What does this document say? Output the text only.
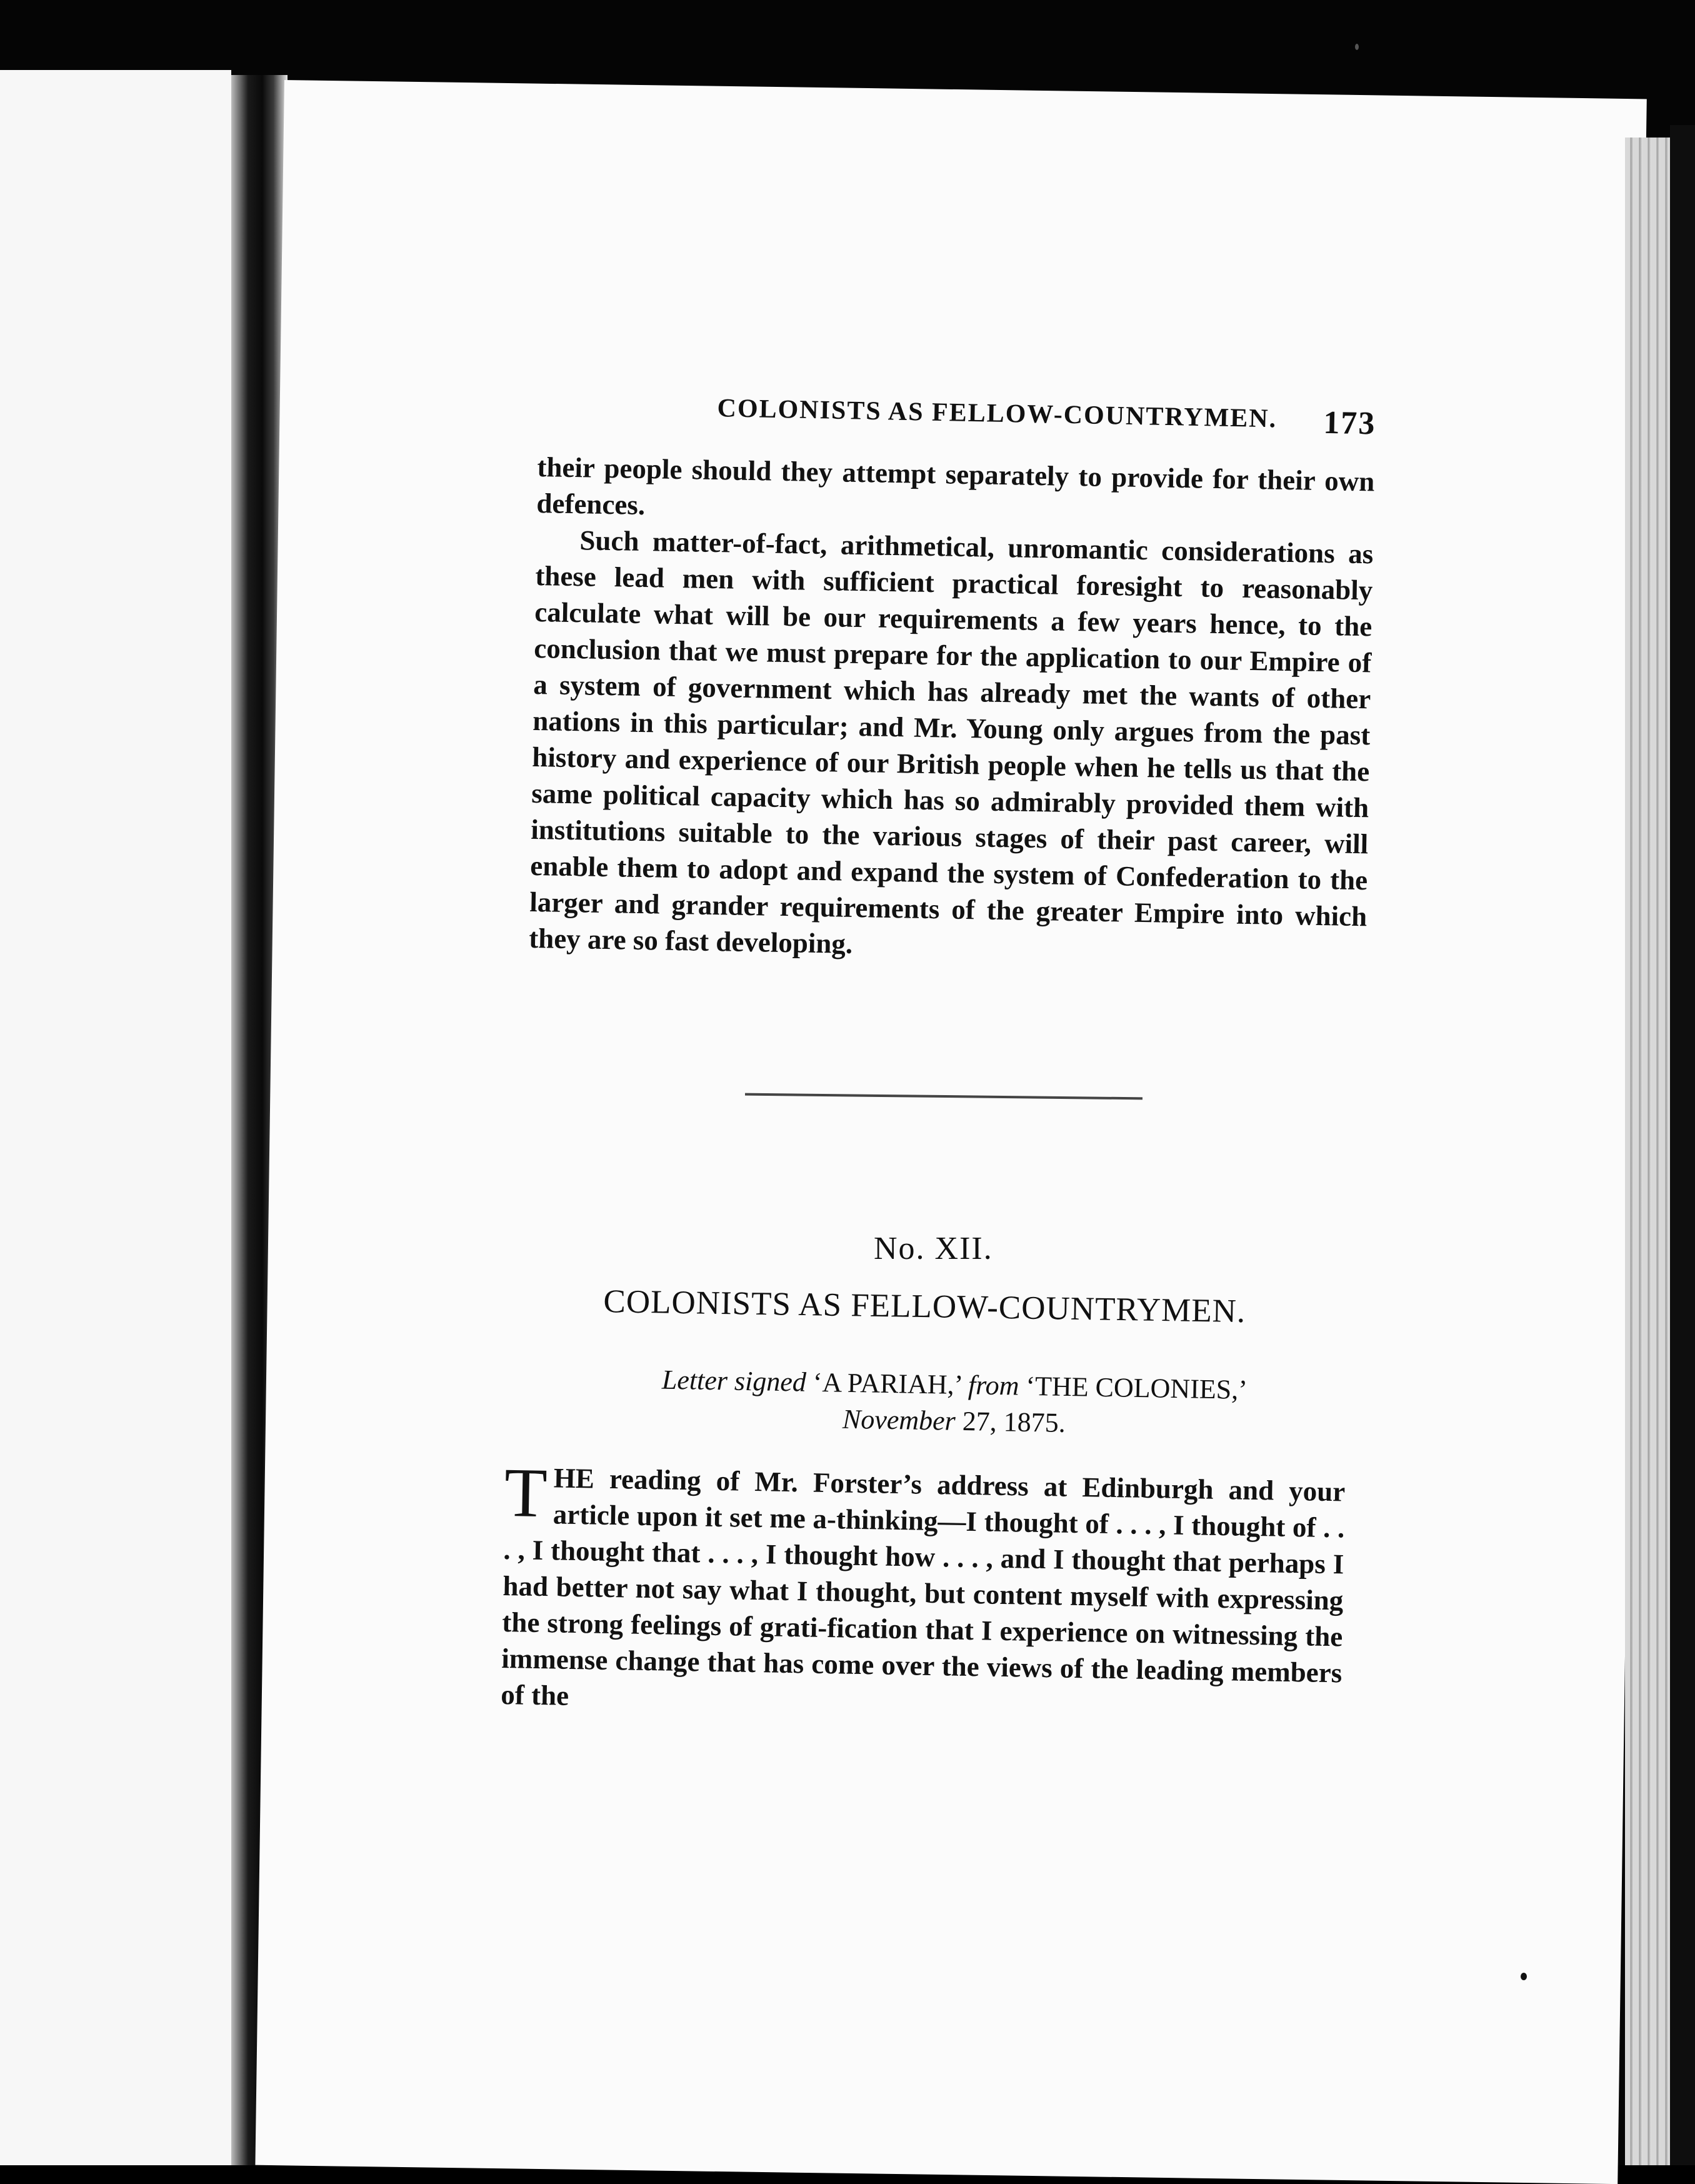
COLONISTS AS FELLOW-COUNTRYMEN. 173

their people should they attempt separately to provide for their own defences.

Such matter-of-fact, arithmetical, unromantic considerations as these lead men with sufficient practical foresight to reasonably calculate what will be our requirements a few years hence, to the conclusion that we must prepare for the application to our Empire of a system of government which has already met the wants of other nations in this particular; and Mr. Young only argues from the past history and experience of our British people when he tells us that the same political capacity which has so admirably provided them with institutions suitable to the various stages of their past career, will enable them to adopt and expand the system of Confederation to the larger and grander requirements of the greater Empire into which they are so fast developing.

No. XII.
COLONISTS AS FELLOW-COUNTRYMEN.
Letter signed ‘A PARIAH,’ from ‘THE COLONIES,’
November 27, 1875.

THE reading of Mr. Forster’s address at Edinburgh and your article upon it set me a-thinking—I thought of . . . , I thought of . . . , I thought that . . . , I thought how . . . , and I thought that perhaps I had better not say what I thought, but content myself with expressing the strong feelings of grati-fication that I experience on witnessing the immense change that has come over the views of the leading members of the
